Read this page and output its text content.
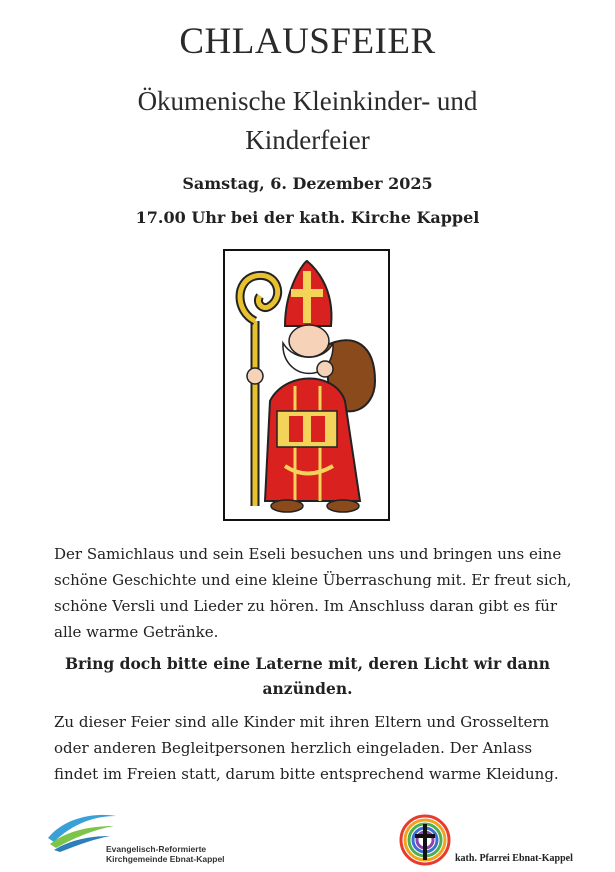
CHLAUSFEIER
Ökumenische Kleinkinder- und
Kinderfeier
Samstag, 6. Dezember 2025
17.00 Uhr bei der kath. Kirche Kappel
Der Samichlaus und sein Eseli besuchen uns und bringen uns eine schöne Geschichte und eine kleine Überraschung mit. Er freut sich, schöne Versli und Lieder zu hören. Im Anschluss daran gibt es für alle warme Getränke.
Bring doch bitte eine Laterne mit, deren Licht wir dann anzünden.
Zu dieser Feier sind alle Kinder mit ihren Eltern und Grosseltern oder anderen Begleitpersonen herzlich eingeladen. Der Anlass findet im Freien statt, darum bitte entsprechend warme Kleidung.
Evangelisch-Reformierte
Kirchgemeinde Ebnat-Kappel	kath. Pfarrei Ebnat-Kappel
